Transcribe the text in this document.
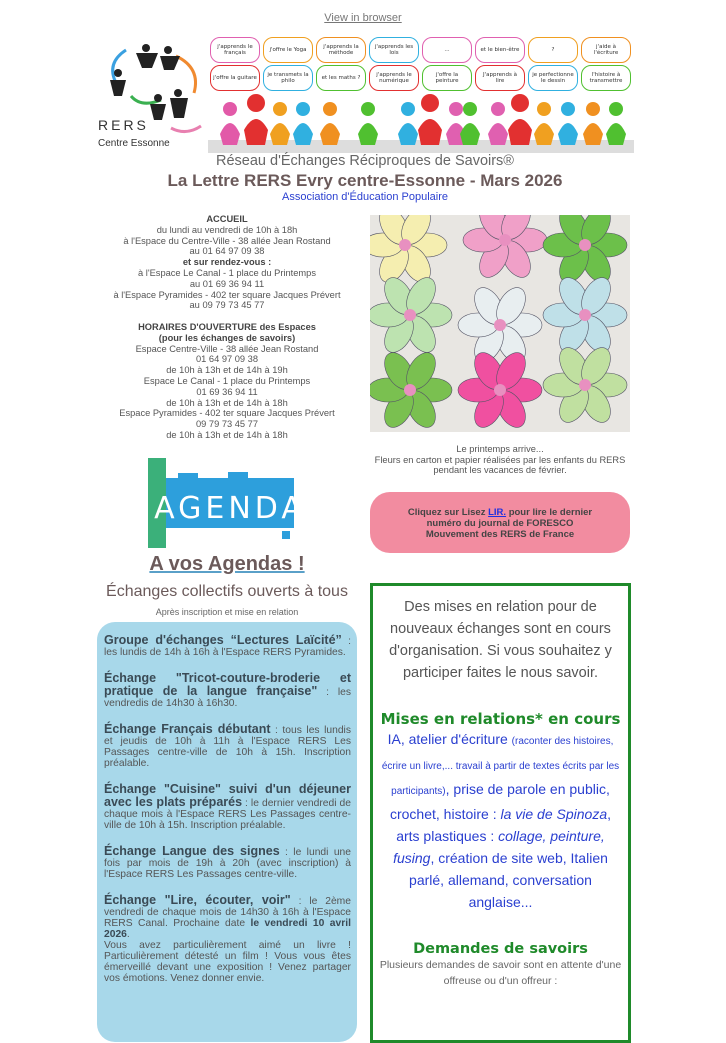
View in browser
RERS
Centre Essonne
j'apprends le français
j'offre la guitare
j'offre le Yoga
je transmets la philo
j'apprends la méthode
et les maths ?
j'apprends les lois
j'apprends le numérique
...
j'offre la peinture
et le bien-être
J'apprends à lire
?
je perfectionne le dessin
j'aide à l'écriture
l'histoire à transmettre
Réseau d'Échanges Réciproques de Savoirs®
La Lettre RERS Evry centre-Essonne - Mars 2026
Association d'Éducation Populaire
ACCUEIL
du lundi au vendredi de 10h à 18h
à l'Espace du Centre-Ville - 38 allée Jean Rostand
au 01 64 97 09 38
et sur rendez-vous :
à l'Espace Le Canal - 1 place du Printemps
au 01 69 36 94 11
à l'Espace Pyramides - 402 ter square Jacques Prévert
au 09 79 73 45 77

HORAIRES D'OUVERTURE des Espaces
(pour les échanges de savoirs)
Espace Centre-Ville - 38 allée Jean Rostand
01 64 97 09 38
de 10h à 13h et de 14h à 19h
Espace Le Canal - 1 place du Printemps
01 69 36 94 11
de 10h à 13h et de 14h à 18h
Espace Pyramides - 402 ter square Jacques Prévert
09 79 73 45 77
de 10h à 13h et de 14h à 18h
Le printemps arrive...
Fleurs en carton et papier réalisées par les enfants du RERS pendant les vacances de février.
Cliquez sur Lisez LIR. pour lire le dernier
numéro du journal de FORESCO
Mouvement des RERS de France
AGENDA
A vos Agendas !
Échanges collectifs ouverts à tous
Après inscription et mise en relation

Groupe d'échanges “Lectures Laïcité” : les lundis de 14h à 16h à l'Espace RERS Pyramides.

Échange "Tricot-couture-broderie et pratique de la langue française" : les vendredis de 14h30 à 16h30.

Échange Français débutant : tous les lundis et jeudis de 10h à 11h à l'Espace RERS Les Passages centre-ville de 10h à 15h. Inscription préalable.

Échange "Cuisine" suivi d'un déjeuner avec les plats préparés : le dernier vendredi de chaque mois à l'Espace RERS Les Passages centre-ville de 10h à 15h. Inscription préalable.

Échange Langue des signes : le lundi une fois par mois de 19h à 20h (avec inscription) à l'Espace RERS Les Passages centre-ville.

Échange "Lire, écouter, voir" : le 2ème vendredi de chaque mois de 14h30 à 16h à l'Espace RERS Canal. Prochaine date le vendredi 10 avril 2026.
Vous avez particulièrement aimé un livre ! Particulièrement détesté un film ! Vous vous êtes émerveillé devant une exposition ! Venez partager vos émotions. Venez donner envie.

Des mises en relation pour de nouveaux échanges sont en cours d'organisation. Si vous souhaitez y participer faites le nous savoir.
Mises en relations* en cours
IA, atelier d'écriture (raconter des histoires, écrire un livre,... travail à partir de textes écrits par les participants), prise de parole en public, crochet, histoire : la vie de Spinoza, arts plastiques : collage, peinture, fusing, création de site web, Italien parlé, allemand, conversation anglaise...
Demandes de savoirs
Plusieurs demandes de savoir sont en attente d'une offreuse ou d'un offreur :
